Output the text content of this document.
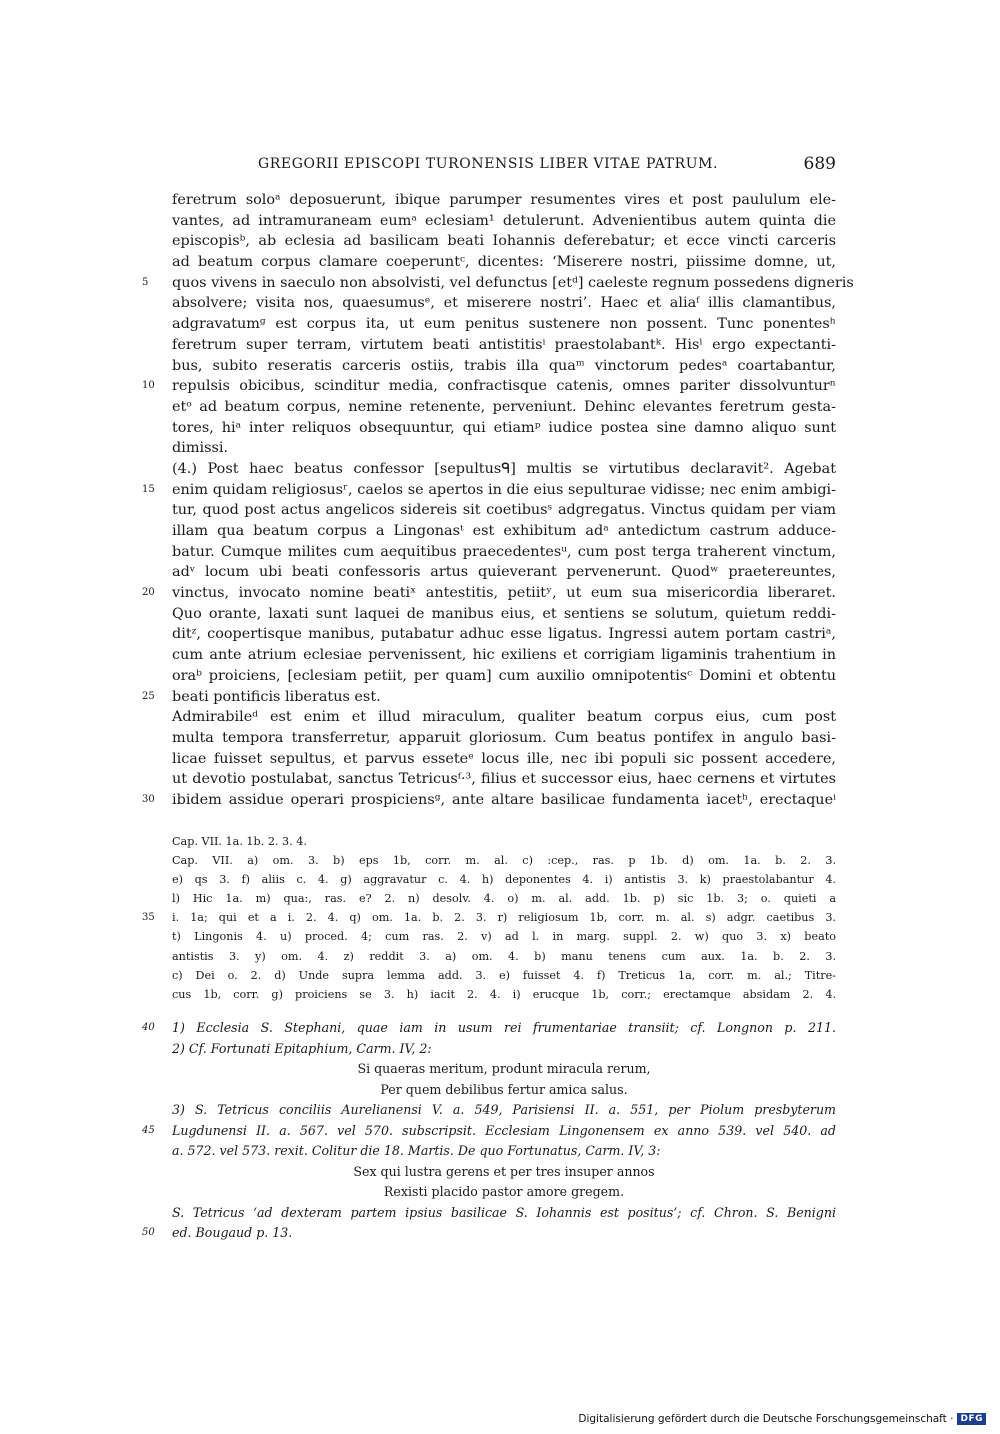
GREGORII EPISCOPI TURONENSIS LIBER VITAE PATRUM.	689
feretrum soloᵃ deposuerunt, ibique parumper resumentes vires et post paululum ele-
vantes, ad intramuraneam eumᵃ eclesiam¹ detulerunt. Advenientibus autem quinta die
episcopisᵇ, ab eclesia ad basilicam beati Iohannis deferebatur; et ecce vincti carceris
ad beatum corpus clamare coeperuntᶜ, dicentes: ‘Miserere nostri, piissime domne, ut,
5	quos vivens in saeculo non absolvisti, vel defunctus [etᵈ] caeleste regnum possedens digneris
absolvere; visita nos, quaesumusᵉ, et miserere nostri’. Haec et aliaᶠ illis clamantibus,
adgravatumᵍ est corpus ita, ut eum penitus sustenere non possent. Tunc ponentesʰ
feretrum super terram, virtutem beati antistitisⁱ praestolabantᵏ. Hisˡ ergo expectanti-
bus, subito reseratis carceris ostiis, trabis illa quaᵐ vinctorum pedesᵃ coartabantur,
10	repulsis obicibus, scinditur media, confractisque catenis, omnes pariter dissolvunturⁿ
etᵒ ad beatum corpus, nemine retenente, perveniunt. Dehinc elevantes feretrum gesta-
tores, hiᵃ inter reliquos obsequuntur, qui etiamᵖ iudice postea sine damno aliquo sunt
dimissi.
(4.) Post haec beatus confessor [sepultusᑫ] multis se virtutibus declaravit². Agebat
15	enim quidam religiosusʳ, caelos se apertos in die eius sepulturae vidisse; nec enim ambigi-
tur, quod post actus angelicos sidereis sit coetibusˢ adgregatus. Vinctus quidam per viam
illam qua beatum corpus a Lingonasᵗ est exhibitum adᵃ antedictum castrum adduce-
batur. Cumque milites cum aequitibus praecedentesᵘ, cum post terga traherent vinctum,
adᵛ locum ubi beati confessoris artus quieverant pervenerunt. Quodʷ praetereuntes,
20	vinctus, invocato nomine beatiˣ antestitis, petiitʸ, ut eum sua misericordia liberaret.
Quo orante, laxati sunt laquei de manibus eius, et sentiens se solutum, quietum reddi-
ditᶻ, coopertisque manibus, putabatur adhuc esse ligatus. Ingressi autem portam castriᵃ,
cum ante atrium eclesiae pervenissent, hic exiliens et corrigiam ligaminis trahentium in
oraᵇ proiciens, [eclesiam petiit, per quam] cum auxilio omnipotentisᶜ Domini et obtentu
25	beati pontificis liberatus est.
Admirabileᵈ est enim et illud miraculum, qualiter beatum corpus eius, cum post
multa tempora transferretur, apparuit gloriosum. Cum beatus pontifex in angulo basi-
licae fuisset sepultus, et parvus esseteᵉ locus ille, nec ibi populi sic possent accedere,
ut devotio postulabat, sanctus Tetricusᶠ·³, filius et successor eius, haec cernens et virtutes
30	ibidem assidue operari prospiciensᵍ, ante altare basilicae fundamenta iacetʰ, erectaqueⁱ
Cap. VII. 1a. 1b. 2. 3. 4.
Cap. VII. a) om. 3. b) eps 1b, corr. m. al. c) :cep., ras. p 1b. d) om. 1a. b. 2. 3.
e) qs 3. f) aliis c. 4. g) aggravatur c. 4. h) deponentes 4. i) antistis 3. k) praestolabantur 4.
l) Hic 1a. m) qua:, ras. e? 2. n) desolv. 4. o) m. al. add. 1b. p) sic 1b. 3; o. quieti a
35	i. 1a; qui et a i. 2. 4. q) om. 1a. b. 2. 3. r) religiosum 1b, corr. m. al. s) adgr. caetibus 3.
t) Lingonis 4. u) proced. 4; cum ras. 2. v) ad l. in marg. suppl. 2. w) quo 3. x) beato
antistis 3. y) om. 4. z) reddit 3. a) om. 4. b) manu tenens cum aux. 1a. b. 2. 3.
c) Dei o. 2. d) Unde supra lemma add. 3. e) fuisset 4. f) Treticus 1a, corr. m. al.; Titre-
cus 1b, corr. g) proiciens se 3. h) iacit 2. 4. i) erucque 1b, corr.; erectamque absidam 2. 4.
40	1) Ecclesia S. Stephani, quae iam in usum rei frumentariae transiit; cf. Longnon p. 211.
2) Cf. Fortunati Epitaphium, Carm. IV, 2:
Si quaeras meritum, produnt miracula rerum,
Per quem debilibus fertur amica salus.
3) S. Tetricus conciliis Aurelianensi V. a. 549, Parisiensi II. a. 551, per Piolum presbyterum
45	Lugdunensi II. a. 567. vel 570. subscripsit. Ecclesiam Lingonensem ex anno 539. vel 540. ad
a. 572. vel 573. rexit. Colitur die 18. Martis. De quo Fortunatus, Carm. IV, 3:
Sex qui lustra gerens et per tres insuper annos
Rexisti placido pastor amore gregem.
S. Tetricus ‘ad dexteram partem ipsius basilicae S. Iohannis est positus’; cf. Chron. S. Benigni
50	ed. Bougaud p. 13.
Digitalisierung gefördert durch die Deutsche Forschungsgemeinschaft · DFG
